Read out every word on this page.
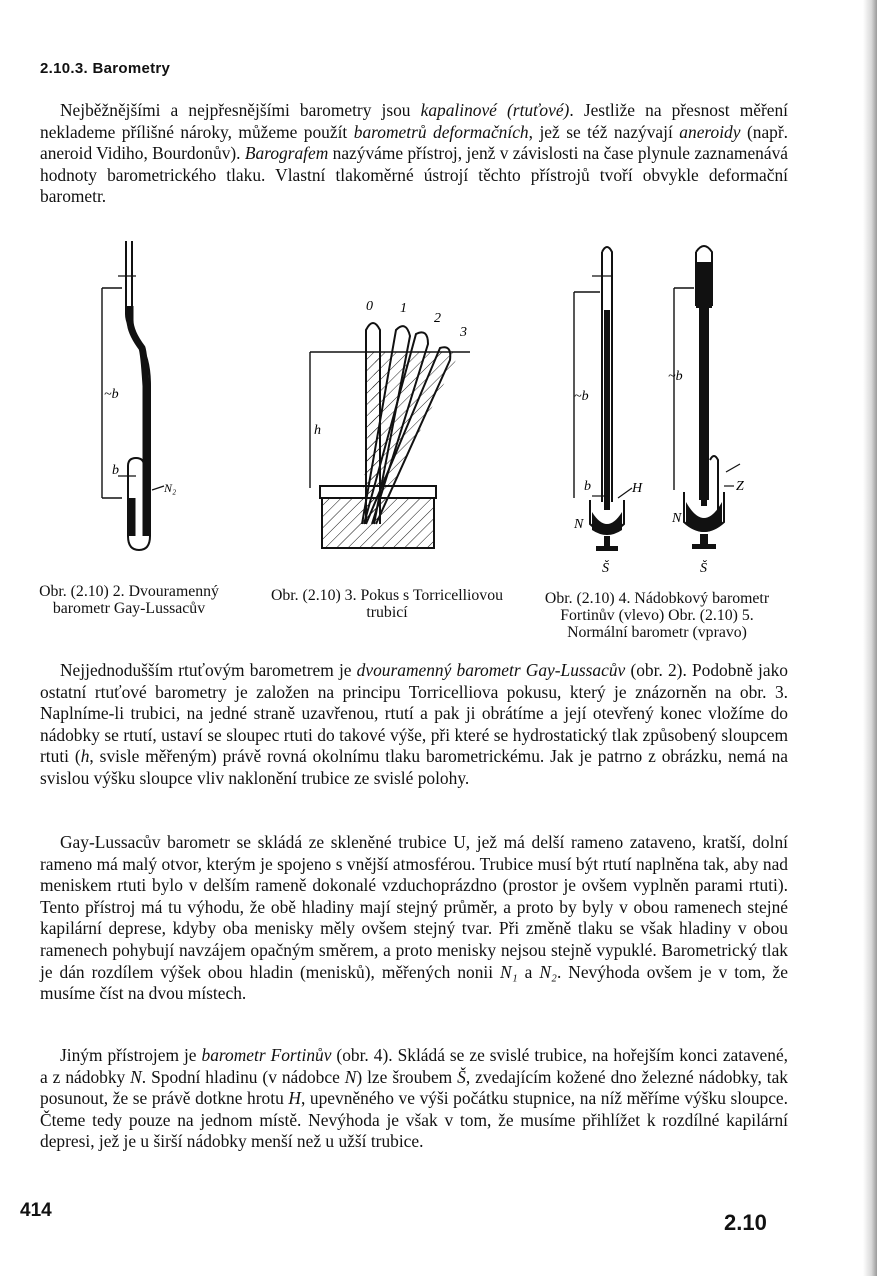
2.10.3. Barometry

Nejběžnějšími a nejpřesnějšími barometry jsou kapalinové (rtuťové). Jestliže na přesnost měření neklademe přílišné nároky, můžeme použít barometrů deformačních, jež se též nazývají aneroidy (např. aneroid Vidiho, Bourdonův). Barografem nazýváme přístroj, jenž v závislosti na čase plynule zaznamenává hodnoty barometrického tlaku. Vlastní tlakoměrné ústrojí těchto přístrojů tvoří obvykle deformační barometr.

~b
b
N₂
h
0 1
2
3
~b
b	H
N
Š
~b
Z
N
Š

Obr. (2.10) 2. Dvouramenný barometr Gay-Lussacův

Obr. (2.10) 3. Pokus s Torricelliovou trubicí

Obr. (2.10) 4. Nádobkový barometr Fortinův (vlevo) Obr. (2.10) 5. Normální barometr (vpravo)

Nejjednodušším rtuťovým barometrem je dvouramenný barometr Gay-Lussacův (obr. 2). Podobně jako ostatní rtuťové barometry je založen na principu Torricelliova pokusu, který je znázorněn na obr. 3. Naplníme-li trubici, na jedné straně uzavřenou, rtutí a pak ji obrátíme a její otevřený konec vložíme do nádobky se rtutí, ustaví se sloupec rtuti do takové výše, při které se hydrostatický tlak způsobený sloupcem rtuti (h, svisle měřeným) právě rovná okolnímu tlaku barometrickému. Jak je patrno z obrázku, nemá na svislou výšku sloupce vliv naklonění trubice ze svislé polohy.

Gay-Lussacův barometr se skládá ze skleněné trubice U, jež má delší rameno zataveno, kratší, dolní rameno má malý otvor, kterým je spojeno s vnější atmosférou. Trubice musí být rtutí naplněna tak, aby nad meniskem rtuti bylo v delším rameně dokonalé vzduchoprázdno (prostor je ovšem vyplněn parami rtuti). Tento přístroj má tu výhodu, že obě hladiny mají stejný průměr, a proto by byly v obou ramenech stejné kapilární deprese, kdyby oba menisky měly ovšem stejný tvar. Při změně tlaku se však hladiny v obou ramenech pohybují navzájem opačným směrem, a proto menisky nejsou stejně vypuklé. Barometrický tlak je dán rozdílem výšek obou hladin (menisků), měřených nonii N₁ a N₂. Nevýhoda ovšem je v tom, že musíme číst na dvou místech.

Jiným přístrojem je barometr Fortinův (obr. 4). Skládá se ze svislé trubice, na hořejším konci zatavené, a z nádobky N. Spodní hladinu (v nádobce N) lze šroubem Š, zvedajícím kožené dno železné nádobky, tak posunout, že se právě dotkne hrotu H, upevněného ve výši počátku stupnice, na níž měříme výšku sloupce. Čteme tedy pouze na jednom místě. Nevýhoda je však v tom, že musíme přihlížet k rozdílné kapilární depresi, jež je u širší nádobky menší než u užší trubice.

414	2.10
